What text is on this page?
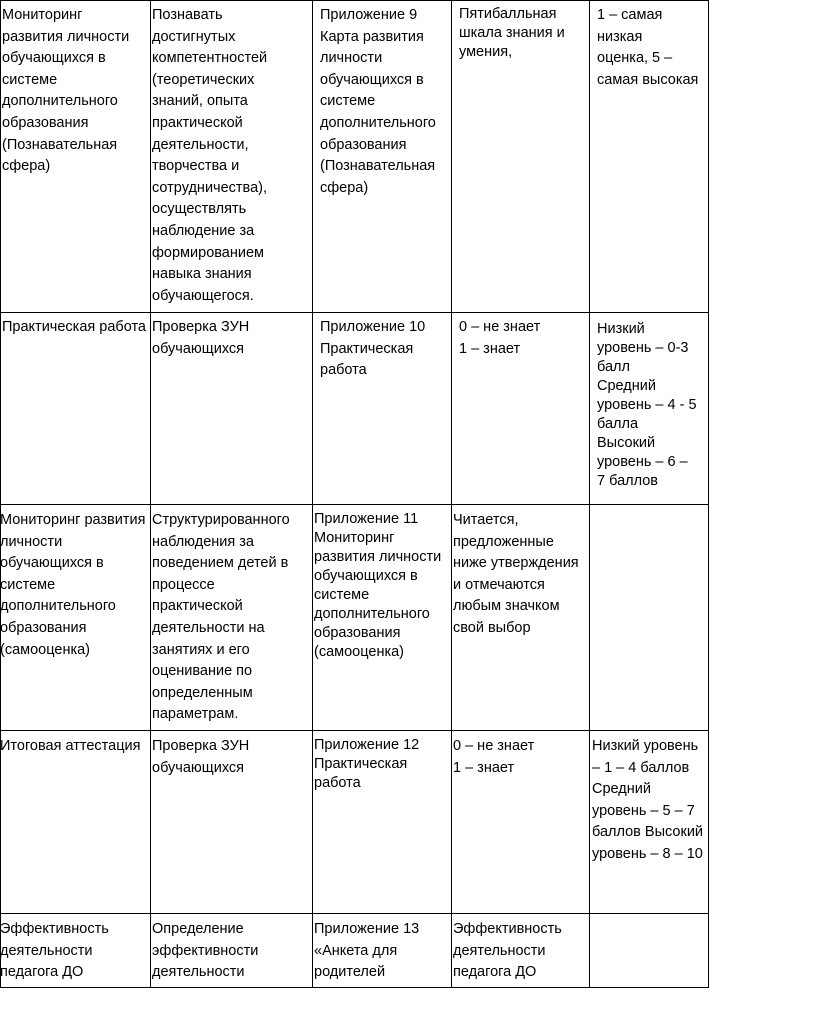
Мониторинг
развития личности
обучающихся в
системе
дополнительного
образования
(Познавательная
сфера)
Познавать
достигнутых
компетентностей
(теоретических
знаний, опыта
практической
деятельности,
творчества и
сотрудничества),
осуществлять
наблюдение за
формированием
навыка знания
обучающегося.
Приложение 9
Карта развития
личности
обучающихся в
системе
дополнительного
образования
(Познавательная
сфера)
Пятибалльная
шкала знания и
умения,
1 – самая
низкая
оценка, 5 –
самая высокая
Практическая работа Проверка ЗУН
обучающихся
Приложение 10
Практическая
работа
0 – не знает
1 – знает
Низкий
уровень – 0-3
балл
Средний
уровень – 4 - 5
балла
Высокий
уровень – 6 –
7 баллов
Мониторинг развития
личности
обучающихся в
системе
дополнительного
образования
(самооценка)
Структурированного
наблюдения за
поведением детей в
процессе
практической
деятельности на
занятиях и его
оценивание по
определенным
параметрам.
Приложение 11
Мониторинг
развития личности
обучающихся в
системе
дополнительного
образования
(самооценка)
Читается,
предложенные
ниже утверждения
и отмечаются
любым значком
свой выбор
Итоговая аттестация Проверка ЗУН
обучающихся
Приложение 12
Практическая
работа
0 – не знает
1 – знает
Низкий уровень
– 1 – 4 баллов
Средний
уровень – 5 – 7
баллов Высокий
уровень – 8 – 10
Эффективность
деятельности
педагога ДО
Определение
эффективности
деятельности
Приложение 13
«Анкета для
родителей
Эффективность
деятельности
педагога ДО
